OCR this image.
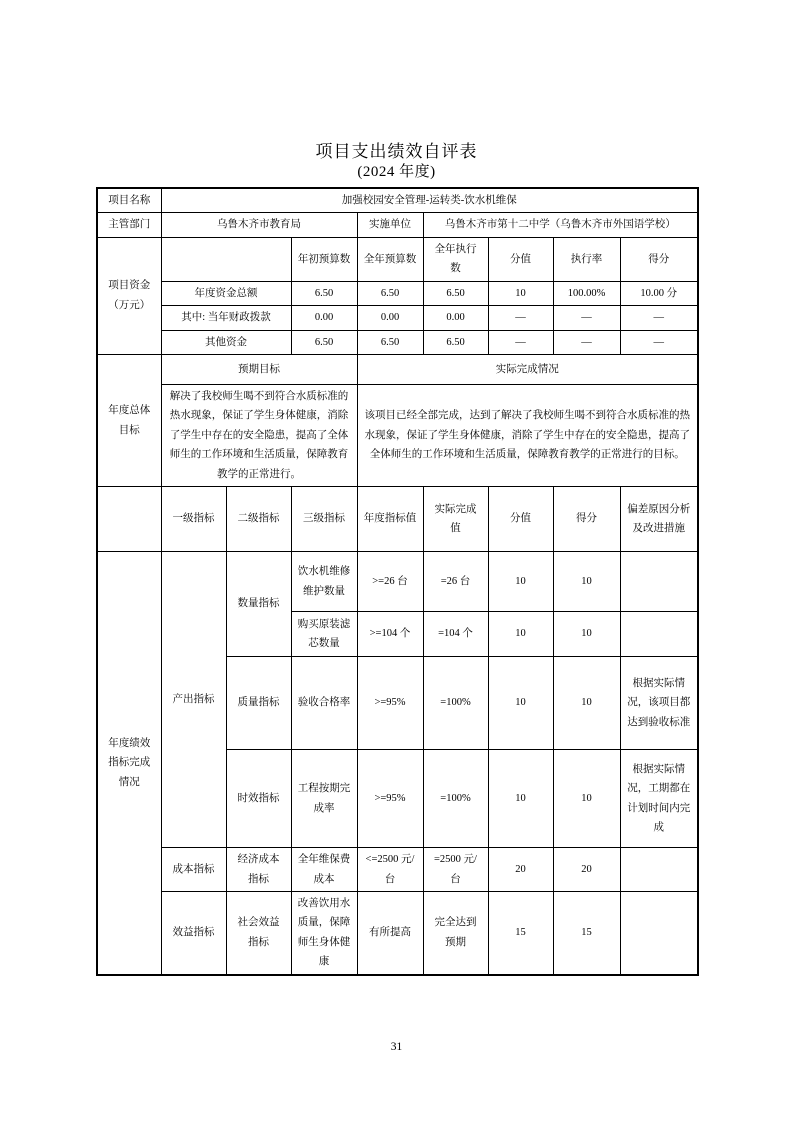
项目支出绩效自评表
(2024 年度)
项目名称	加强校园安全管理-运转类-饮水机维保							
主管部门	乌鲁木齐市教育局			实施单位	乌鲁木齐市第十二中学（乌鲁木齐市外国语学校）			
项目资金（万元）			年初预算数	全年预算数	全年执行数	分值	执行率	得分
	年度资金总额		6.50	6.50	6.50	10	100.00%	10.00 分
	其中: 当年财政拨款		0.00	0.00	0.00	—	—	—
	其他资金		6.50	6.50	6.50	—	—	—
年度总体目标	预期目标			实际完成情况				
	解决了我校师生喝不到符合水质标准的热水现象，保证了学生身体健康，消除了学生中存在的安全隐患，提高了全体师生的工作环境和生活质量，保障教育教学的正常进行。			该项目已经全部完成，达到了解决了我校师生喝不到符合水质标准的热水现象，保证了学生身体健康，消除了学生中存在的安全隐患，提高了全体师生的工作环境和生活质量，保障教育教学的正常进行的目标。				
	一级指标	二级指标	三级指标	年度指标值	实际完成值	分值	得分	偏差原因分析及改进措施
年度绩效指标完成情况	产出指标	数量指标	饮水机维修维护数量	>=26 台	=26 台	10	10	
			购买原装滤芯数量	>=104 个	=104 个	10	10	
		质量指标	验收合格率	>=95%	=100%	10	10	根据实际情况，该项目都达到验收标准
		时效指标	工程按期完成率	>=95%	=100%	10	10	根据实际情况，工期都在计划时间内完成
	成本指标	经济成本指标	全年维保费成本	<=2500 元/台	=2500 元/台	20	20	
	效益指标	社会效益指标	改善饮用水质量，保障师生身体健康	有所提高	完全达到预期	15	15	
31
